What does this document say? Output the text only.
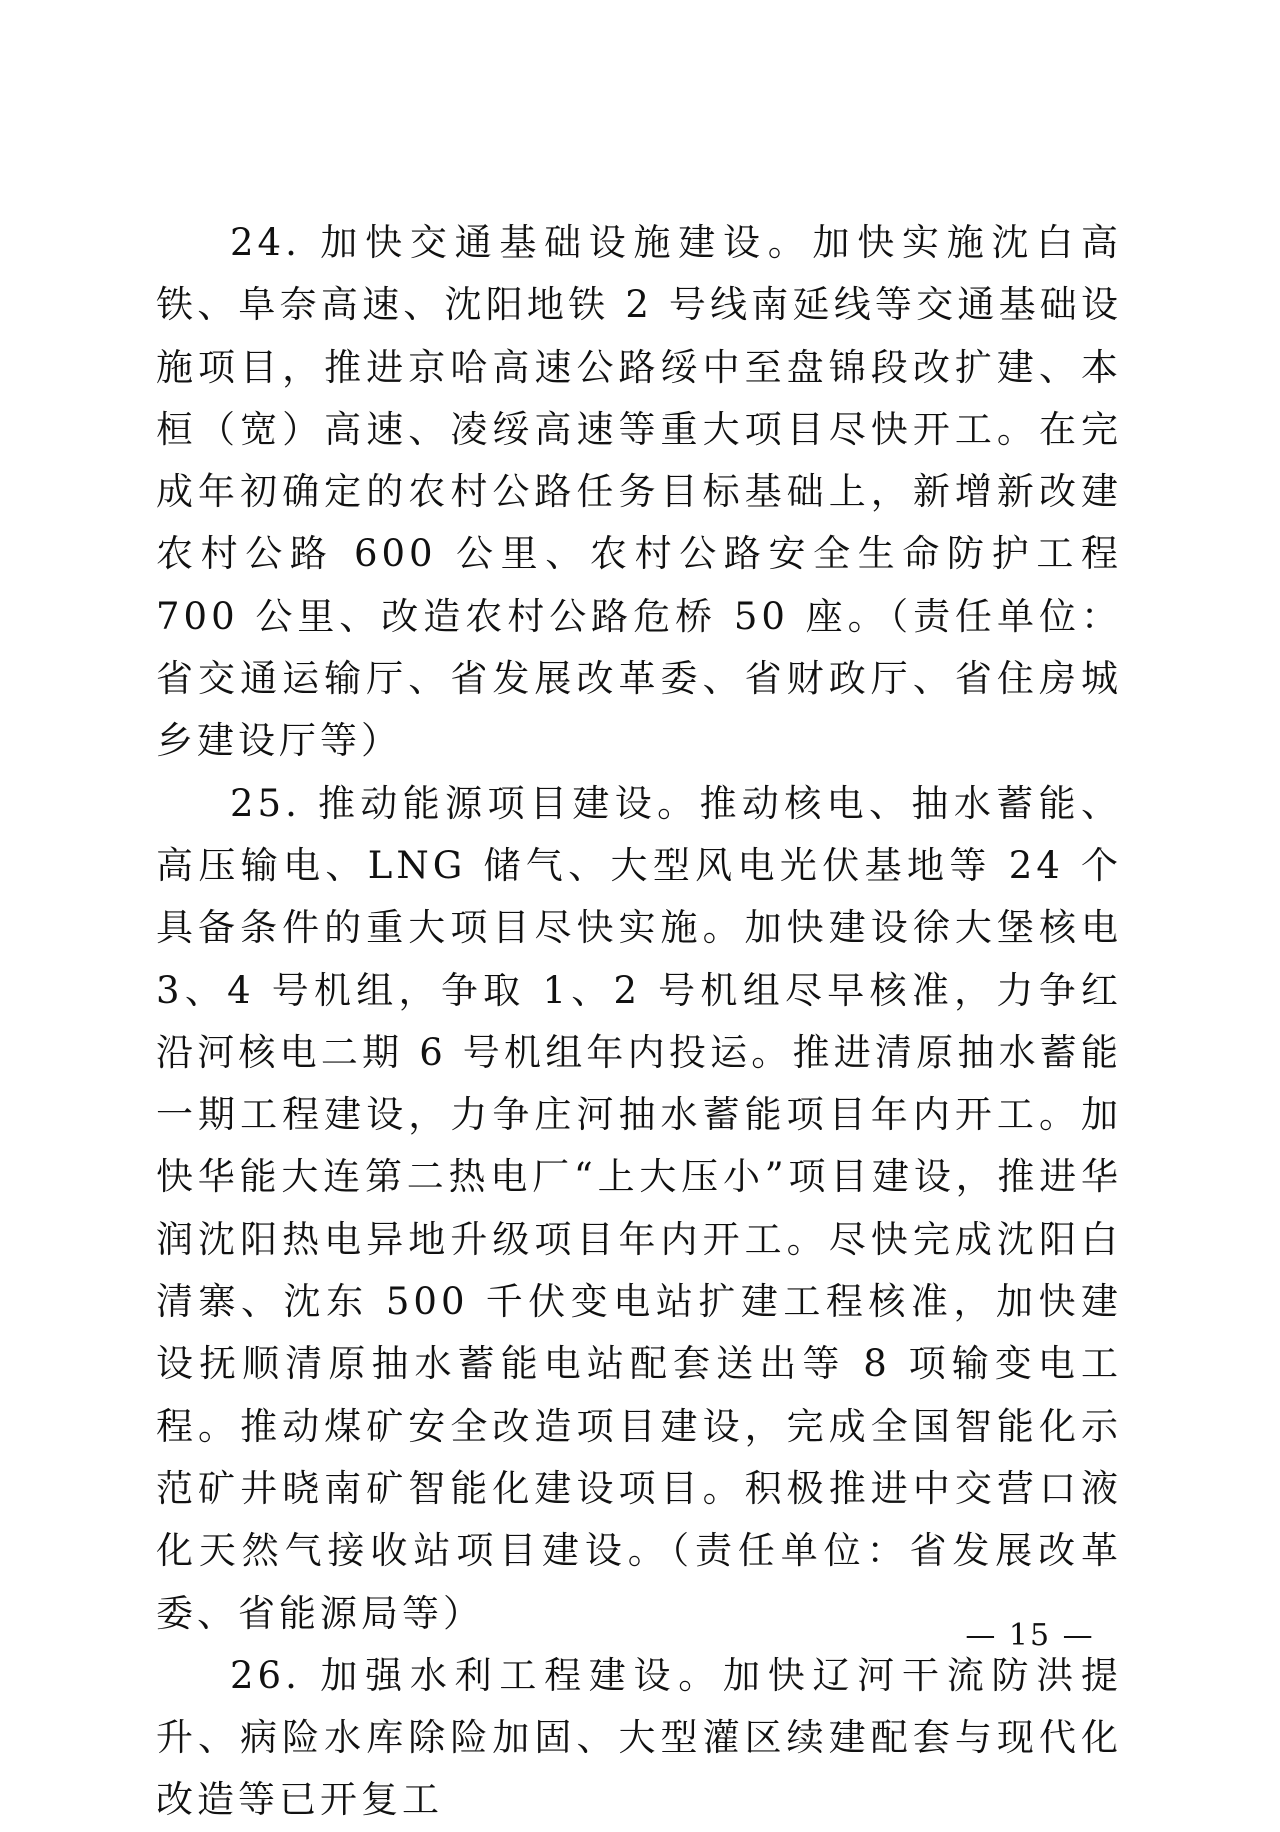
24. 加快交通基础设施建设。加快实施沈白高铁、阜奈高速、沈阳地铁 2 号线南延线等交通基础设施项目，推进京哈高速公路绥中至盘锦段改扩建、本桓（宽）高速、凌绥高速等重大项目尽快开工。在完成年初确定的农村公路任务目标基础上，新增新改建农村公路 600 公里、农村公路安全生命防护工程 700 公里、改造农村公路危桥 50 座。（责任单位：省交通运输厅、省发展改革委、省财政厅、省住房城乡建设厅等）

25. 推动能源项目建设。推动核电、抽水蓄能、高压输电、LNG 储气、大型风电光伏基地等 24 个具备条件的重大项目尽快实施。加快建设徐大堡核电 3、4 号机组，争取 1、2 号机组尽早核准，力争红沿河核电二期 6 号机组年内投运。推进清原抽水蓄能一期工程建设，力争庄河抽水蓄能项目年内开工。加快华能大连第二热电厂“上大压小”项目建设，推进华润沈阳热电异地升级项目年内开工。尽快完成沈阳白清寨、沈东 500 千伏变电站扩建工程核准，加快建设抚顺清原抽水蓄能电站配套送出等 8 项输变电工程。推动煤矿安全改造项目建设，完成全国智能化示范矿井晓南矿智能化建设项目。积极推进中交营口液化天然气接收站项目建设。（责任单位：省发展改革委、省能源局等）

26. 加强水利工程建设。加快辽河干流防洪提升、病险水库除险加固、大型灌区续建配套与现代化改造等已开复工

— 15 —
